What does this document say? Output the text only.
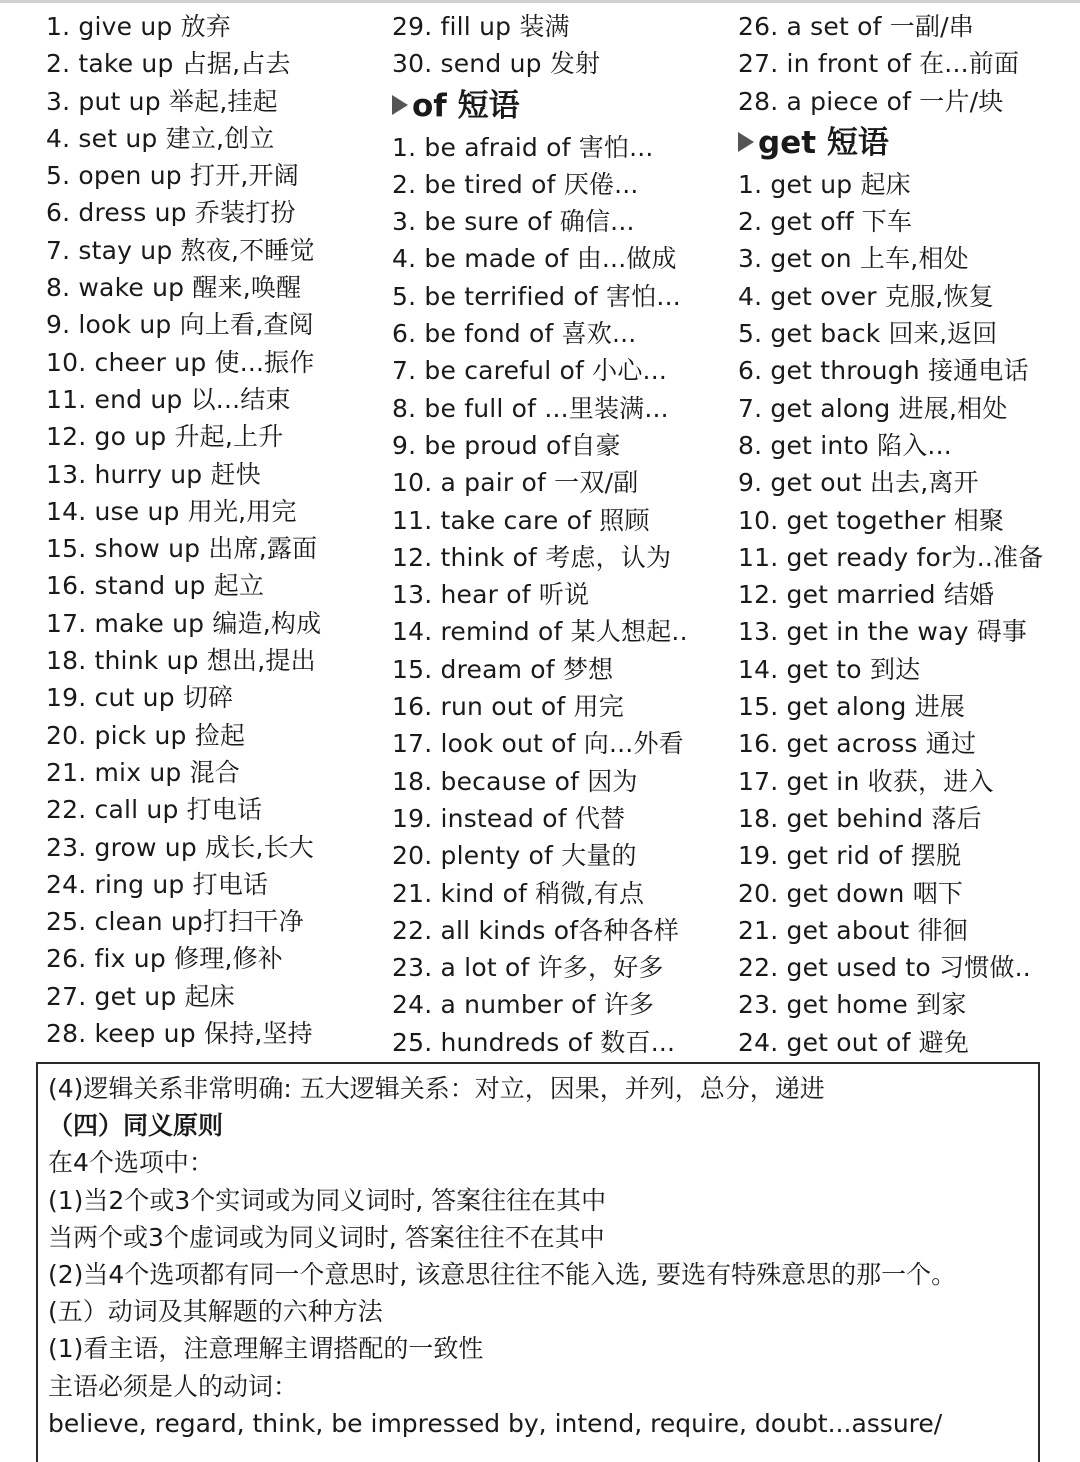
1. give up 放弃
2. take up 占据,占去
3. put up 举起,挂起
4. set up 建立,创立
5. open up 打开,开阔
6. dress up 乔装打扮
7. stay up 熬夜,不睡觉
8. wake up 醒来,唤醒
9. look up 向上看,查阅
10. cheer up 使...振作
11. end up 以...结束
12. go up 升起,上升
13. hurry up 赶快
14. use up 用光,用完
15. show up 出席,露面
16. stand up 起立
17. make up 编造,构成
18. think up 想出,提出
19. cut up 切碎
20. pick up 捡起
21. mix up 混合
22. call up 打电话
23. grow up 成长,长大
24. ring up 打电话
25. clean up打扫干净
26. fix up 修理,修补
27. get up 起床
28. keep up 保持,坚持
29. fill up 装满
30. send up 发射
of 短语
1. be afraid of 害怕...
2. be tired of 厌倦...
3. be sure of 确信...
4. be made of 由...做成
5. be terrified of 害怕...
6. be fond of 喜欢...
7. be careful of 小心...
8. be full of ...里装满...
9. be proud of自豪
10. a pair of 一双/副
11. take care of 照顾
12. think of 考虑，认为
13. hear of 听说
14. remind of 某人想起..
15. dream of 梦想
16. run out of 用完
17. look out of 向...外看
18. because of 因为
19. instead of 代替
20. plenty of 大量的
21. kind of 稍微,有点
22. all kinds of各种各样
23. a lot of 许多，好多
24. a number of 许多
25. hundreds of 数百...
26. a set of 一副/串
27. in front of 在...前面
28. a piece of 一片/块
get 短语
1. get up 起床
2. get off 下车
3. get on 上车,相处
4. get over 克服,恢复
5. get back 回来,返回
6. get through 接通电话
7. get along 进展,相处
8. get into 陷入...
9. get out 出去,离开
10. get together 相聚
11. get ready for为..准备
12. get married 结婚
13. get in the way 碍事
14. get to 到达
15. get along 进展
16. get across 通过
17. get in 收获，进入
18. get behind 落后
19. get rid of 摆脱
20. get down 咽下
21. get about 徘徊
22. get used to 习惯做..
23. get home 到家
24. get out of 避免
(4)逻辑关系非常明确: 五大逻辑关系：对立，因果，并列，总分，递进
（四）同义原则
在4个选项中：
(1)当2个或3个实词或为同义词时, 答案往往在其中
当两个或3个虚词或为同义词时, 答案往往不在其中
(2)当4个选项都有同一个意思时, 该意思往往不能入选, 要选有特殊意思的那一个。
(五）动词及其解题的六种方法
(1)看主语，注意理解主谓搭配的一致性
主语必须是人的动词：
believe, regard, think, be impressed by, intend, require, doubt...assure/
